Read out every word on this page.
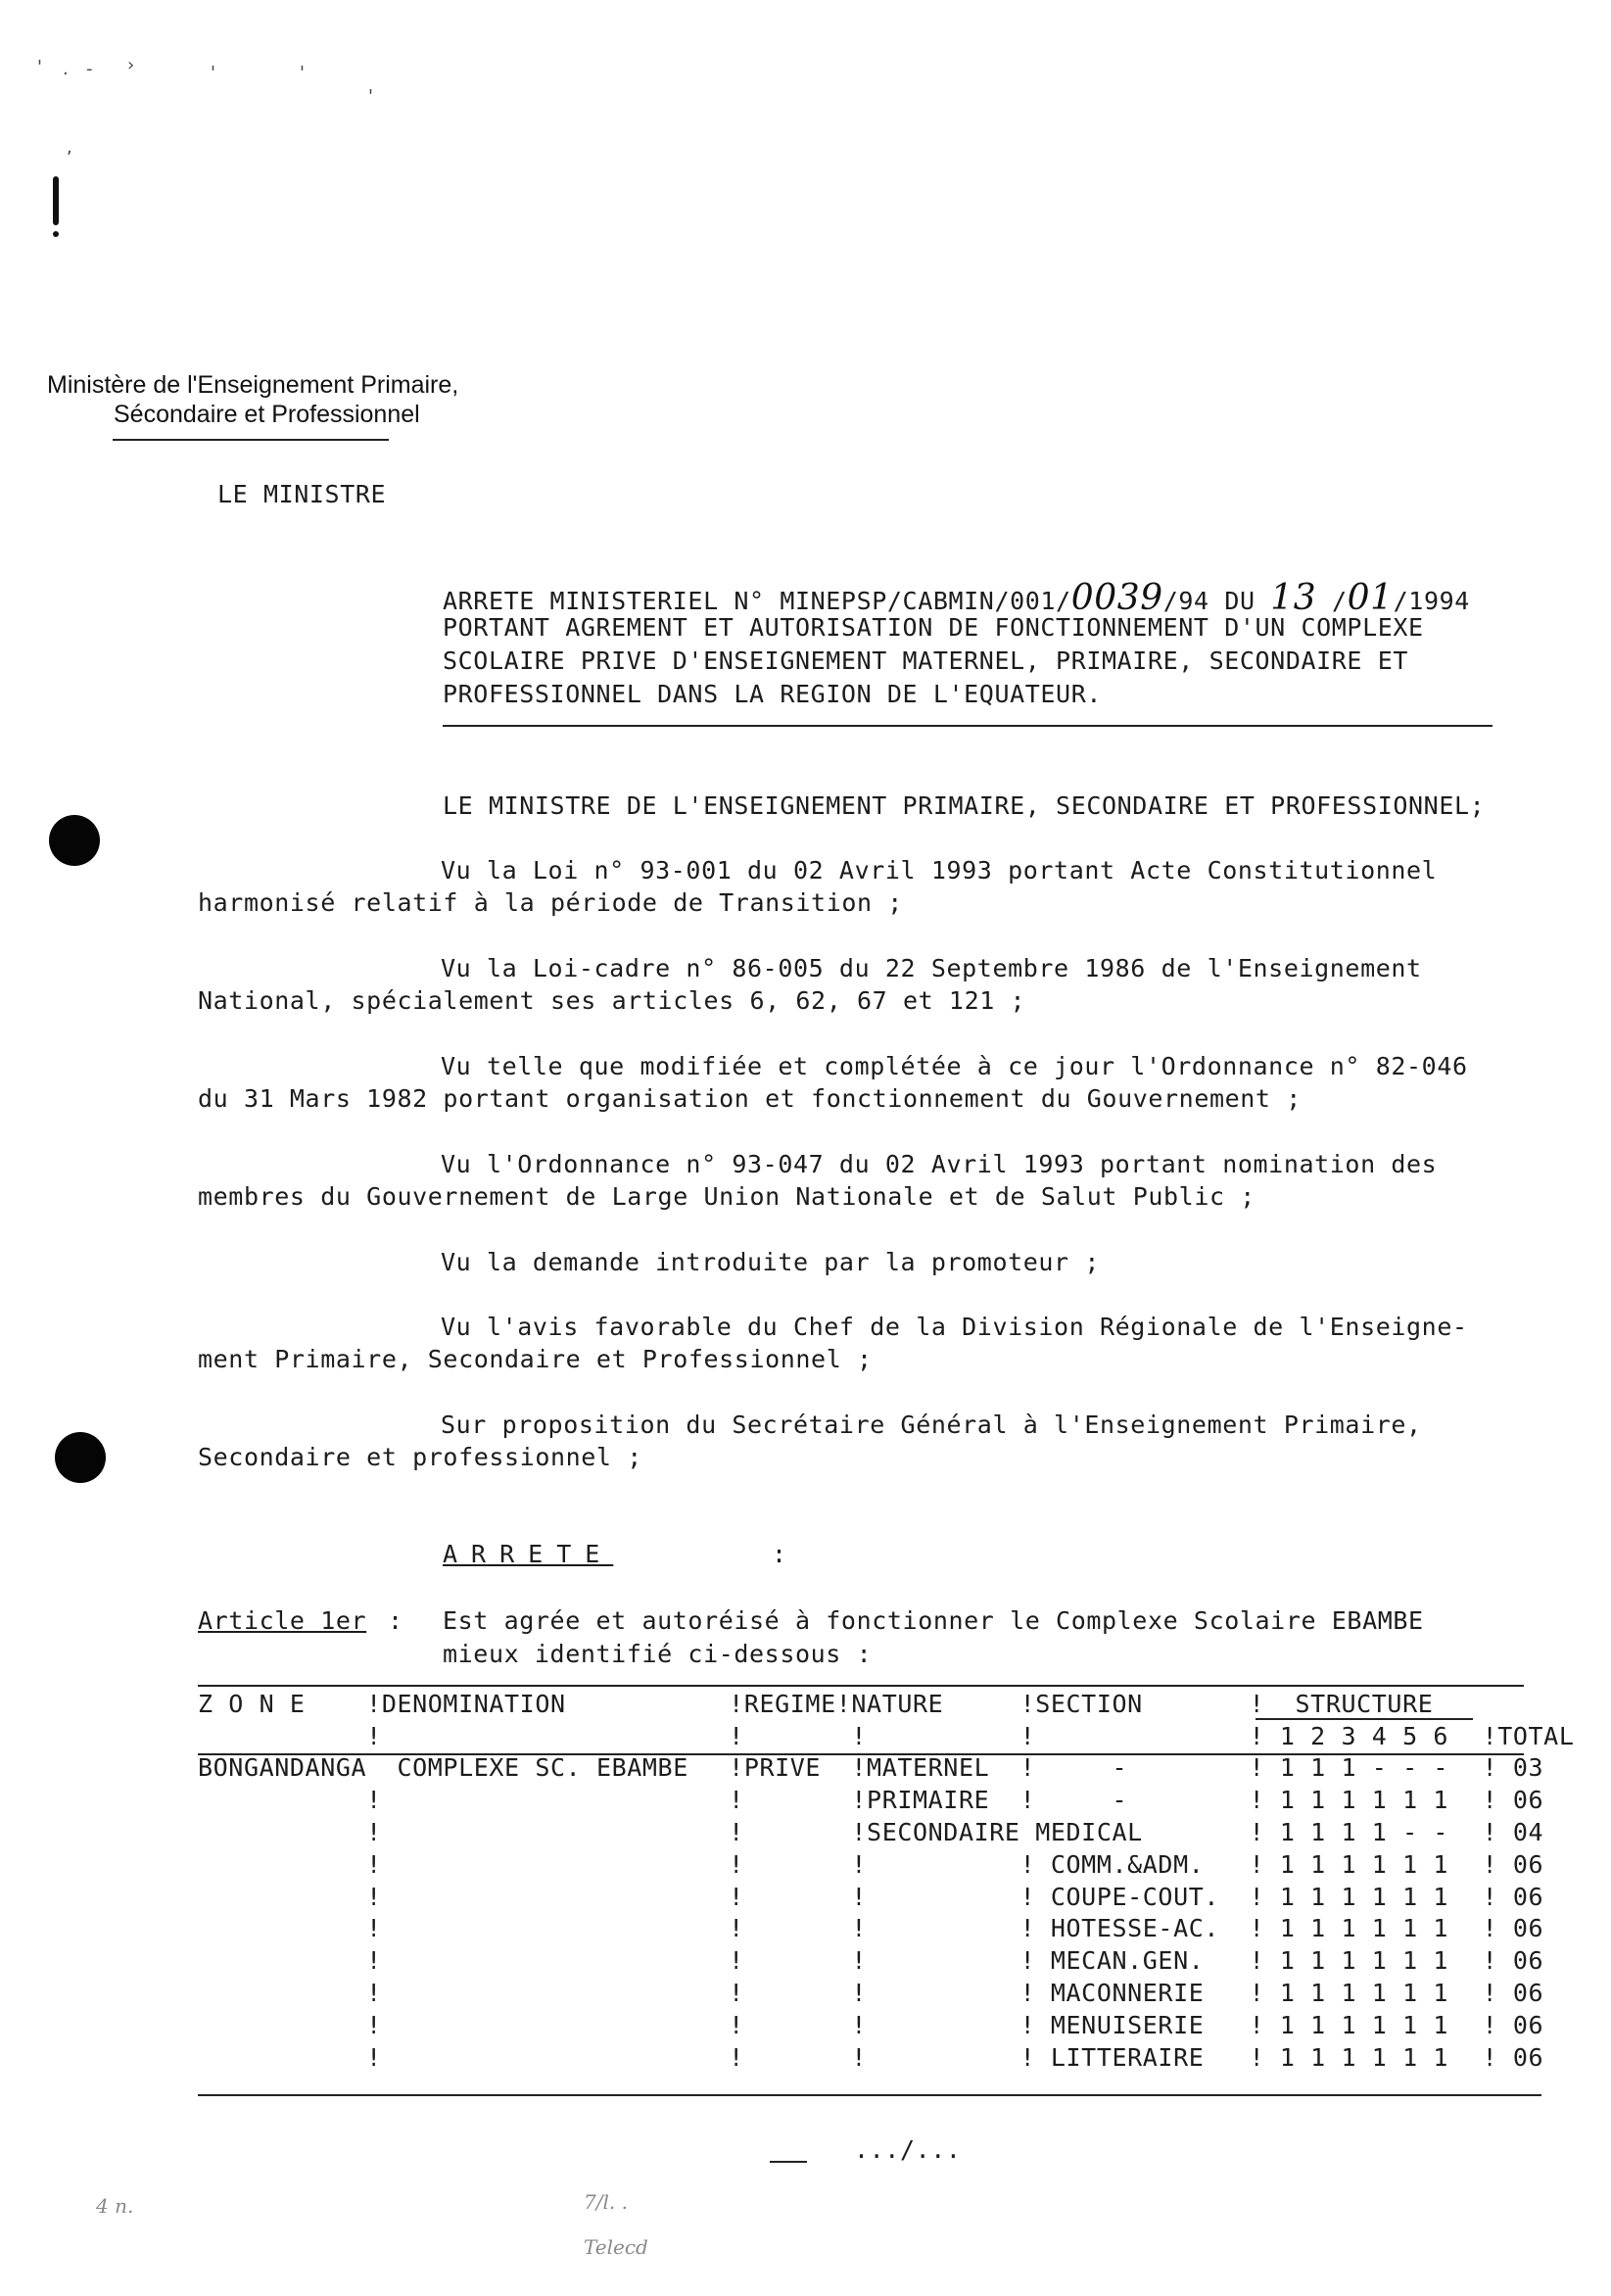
' . - ›	'	'
'
,
Ministère de l'Enseignement Primaire,
Sécondaire et Professionnel
LE MINISTRE
ARRETE MINISTERIEL N° MINEPSP/CABMIN/001/0039/94 DU 13 /01/1994
PORTANT AGREMENT ET AUTORISATION DE FONCTIONNEMENT D'UN COMPLEXE
SCOLAIRE PRIVE D'ENSEIGNEMENT MATERNEL, PRIMAIRE, SECONDAIRE ET
PROFESSIONNEL DANS LA REGION DE L'EQUATEUR.
LE MINISTRE DE L'ENSEIGNEMENT PRIMAIRE, SECONDAIRE ET PROFESSIONNEL;
Vu la Loi n° 93-001 du 02 Avril 1993 portant Acte Constitutionnel
harmonisé relatif à la période de Transition ;
Vu la Loi-cadre n° 86-005 du 22 Septembre 1986 de l'Enseignement
National, spécialement ses articles 6, 62, 67 et 121 ;
Vu telle que modifiée et complétée à ce jour l'Ordonnance n° 82-046
du 31 Mars 1982 portant organisation et fonctionnement du Gouvernement ;
Vu l'Ordonnance n° 93-047 du 02 Avril 1993 portant nomination des
membres du Gouvernement de Large Union Nationale et de Salut Public ;
Vu la demande introduite par la promoteur ;
Vu l'avis favorable du Chef de la Division Régionale de l'Enseigne-
ment Primaire, Secondaire et Professionnel ;
Sur proposition du Secrétaire Général à l'Enseignement Primaire,
Secondaire et professionnel ;
ARRETE	:
Article 1er : Est agrée et autoréisé à fonctionner le Complexe Scolaire EBAMBE
mieux identifié ci-dessous :
Z O N E	!DENOMINATION	!REGIME!	NATURE	!SECTION	!  STRUCTURE	
	!	!	!	!	! 1 2 3 4 5 6	!TOTAL
BONGANDANGA	COMPLEXE SC. EBAMBE	!PRIVE	!MATERNEL	!     -	! 1 1 1 - - -	! 03
	!	!	!PRIMAIRE	!     -	! 1 1 1 1 1 1	! 06
	!	!	!SECONDAIRE	MEDICAL	! 1 1 1 1 - -	! 04
	!	!	!	! COMM.&ADM.	! 1 1 1 1 1 1	! 06
	!	!	!	! COUPE-COUT.	! 1 1 1 1 1 1	! 06
	!	!	!	! HOTESSE-AC.	! 1 1 1 1 1 1	! 06
	!	!	!	! MECAN.GEN.	! 1 1 1 1 1 1	! 06
	!	!	!	! MACONNERIE	! 1 1 1 1 1 1	! 06
	!	!	!	! MENUISERIE	! 1 1 1 1 1 1	! 06
	!	!	!	! LITTERAIRE	! 1 1 1 1 1 1	! 06
.../...
4 n.	7/l. .
Telecd
